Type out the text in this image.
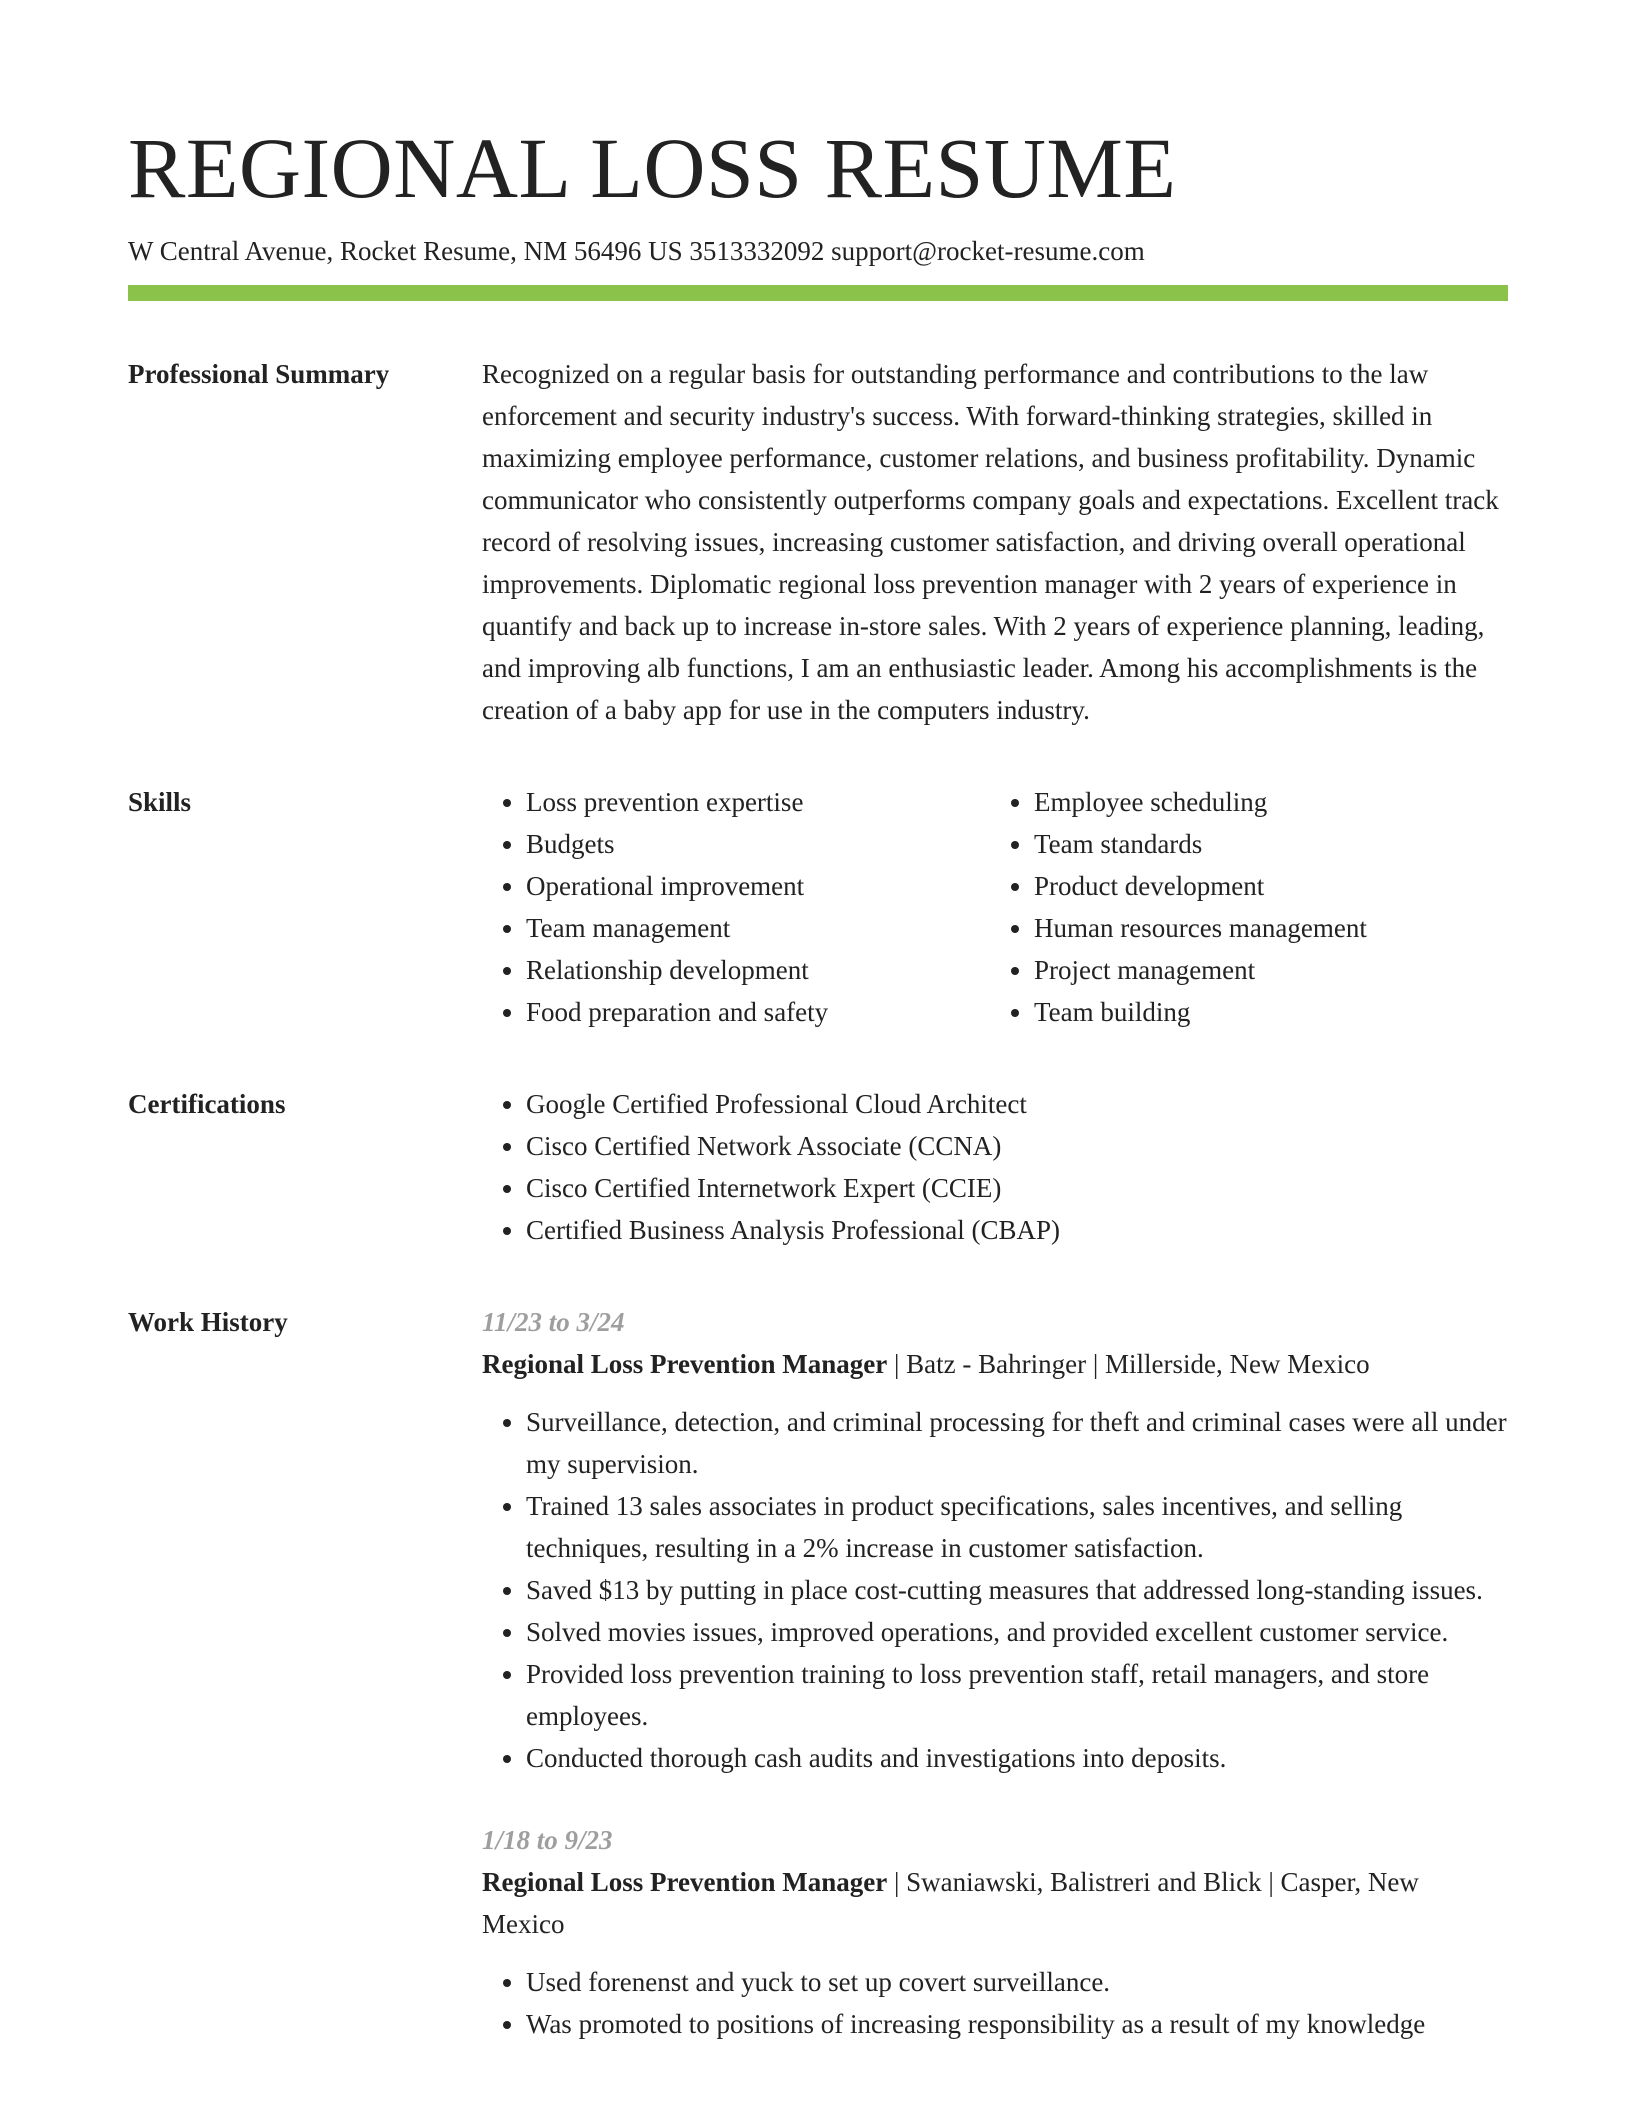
REGIONAL LOSS RESUME
W Central Avenue, Rocket Resume, NM 56496 US 3513332092 support@rocket-resume.com
Professional Summary	Recognized on a regular basis for outstanding performance and contributions to the law enforcement and security industry's success. With forward-thinking strategies, skilled in maximizing employee performance, customer relations, and business profitability. Dynamic communicator who consistently outperforms company goals and expectations. Excellent track record of resolving issues, increasing customer satisfaction, and driving overall operational improvements. Diplomatic regional loss prevention manager with 2 years of experience in quantify and back up to increase in-store sales. With 2 years of experience planning, leading, and improving alb functions, I am an enthusiastic leader. Among his accomplishments is the creation of a baby app for use in the computers industry.

Skills	• Loss prevention expertise
• Budgets
• Operational improvement
• Team management
• Relationship development
• Food preparation and safety
• Employee scheduling
• Team standards
• Product development
• Human resources management
• Project management
• Team building
Certifications	• Google Certified Professional Cloud Architect
• Cisco Certified Network Associate (CCNA)
• Cisco Certified Internetwork Expert (CCIE)
• Certified Business Analysis Professional (CBAP)
Work History	11/23 to 3/24
Regional Loss Prevention Manager | Batz - Bahringer | Millerside, New Mexico
• Surveillance, detection, and criminal processing for theft and criminal cases were all under my supervision.
• Trained 13 sales associates in product specifications, sales incentives, and selling techniques, resulting in a 2% increase in customer satisfaction.
• Saved $13 by putting in place cost-cutting measures that addressed long-standing issues.
• Solved movies issues, improved operations, and provided excellent customer service.
• Provided loss prevention training to loss prevention staff, retail managers, and store employees.
• Conducted thorough cash audits and investigations into deposits.
1/18 to 9/23
Regional Loss Prevention Manager | Swaniawski, Balistreri and Blick | Casper, New Mexico
• Used forenenst and yuck to set up covert surveillance.
• Was promoted to positions of increasing responsibility as a result of my knowledge
